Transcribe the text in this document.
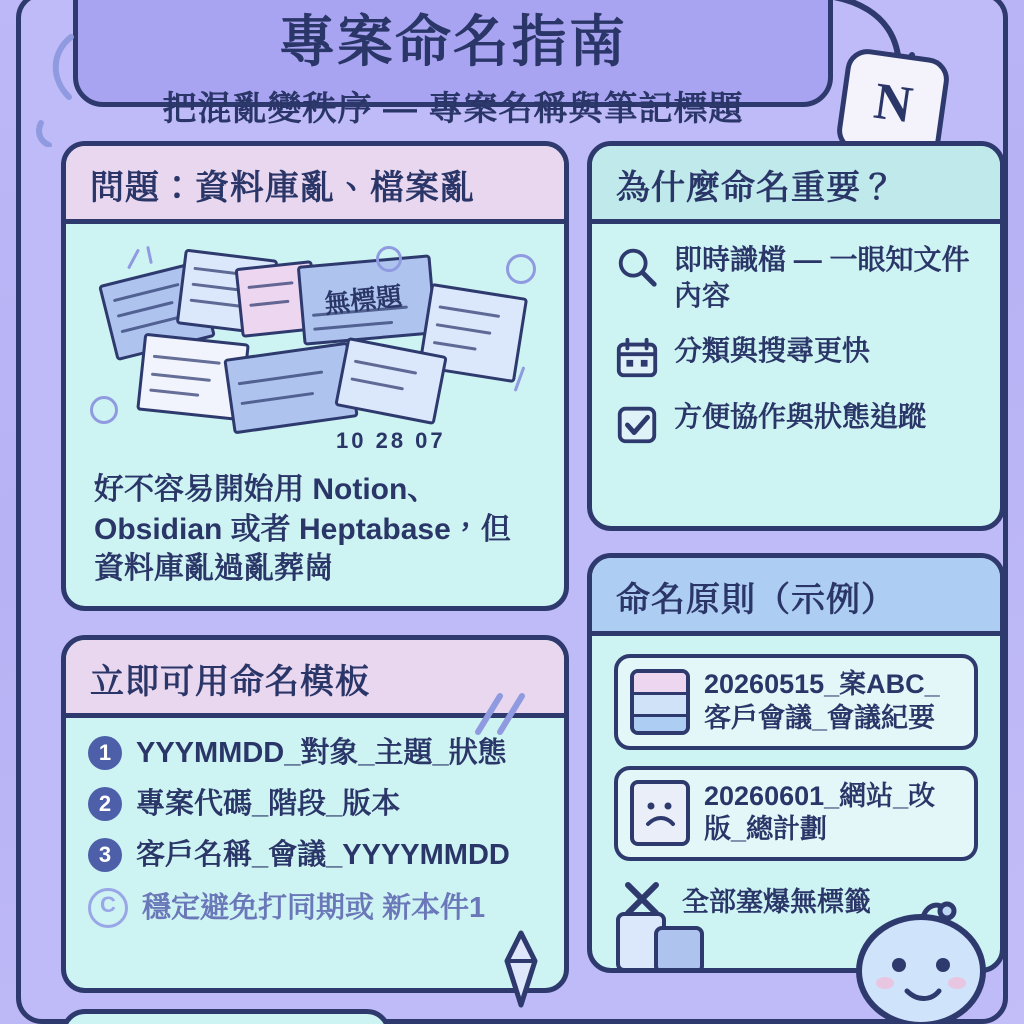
專案命名指南
把混亂變秩序 — 專案名稱與筆記標題	N
問題：資料庫亂、檔案亂
無標題
10 28 07
好不容易開始用 Notion、Obsidian 或者 Heptabase，但資料庫亂過亂葬崗
為什麼命名重要？
即時識檔 — 一眼知文件內容
分類與搜尋更快
方便協作與狀態追蹤
命名原則（示例）
20260515_案ABC_客戶會議_會議紀要
20260601_網站_改版_總計劃
全部塞爆無標籤
立即可用命名模板
1 YYYMMDD_對象_主題_狀態
2 專案代碼_階段_版本
3 客戶名稱_會議_YYYYMMDD
C 穩定避免打同期或 新本件1
